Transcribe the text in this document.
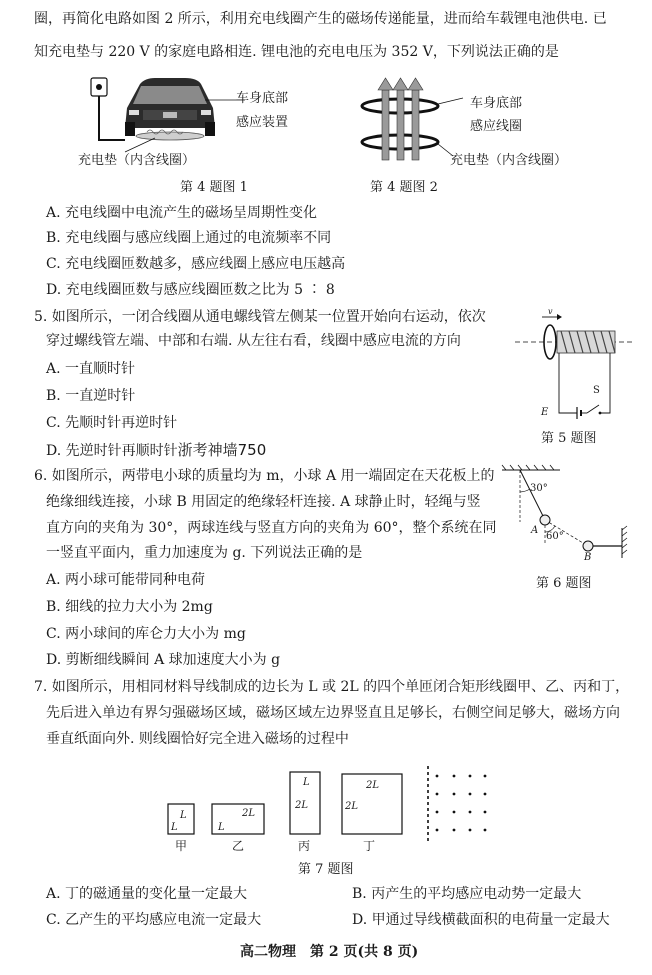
圈，再简化电路如图 2 所示，利用充电线圈产生的磁场传递能量，进而给车载锂电池供电. 已
知充电垫与 220 V 的家庭电路相连. 锂电池的充电电压为 352 V，下列说法正确的是
车身底部
感应装置
充电垫（内含线圈）
第 4 题图 1
车身底部
感应线圈
充电垫（内含线圈）
第 4 题图 2
A. 充电线圈中电流产生的磁场呈周期性变化
B. 充电线圈与感应线圈上通过的电流频率不同
C. 充电线圈匝数越多，感应线圈上感应电压越高
D. 充电线圈匝数与感应线圈匝数之比为 5 ∶ 8
5. 如图所示，一闭合线圈从通电螺线管左侧某一位置开始向右运动，依次
穿过螺线管左端、中部和右端. 从左往右看，线圈中感应电流的方向
A. 一直顺时针
B. 一直逆时针
C. 先顺时针再逆时针
D. 先逆时针再顺时针浙考神墙750
v
S
E
第 5 题图
6. 如图所示，两带电小球的质量均为 m，小球 A 用一端固定在天花板上的
绝缘细线连接，小球 B 用固定的绝缘轻杆连接. A 球静止时，轻绳与竖
直方向的夹角为 30°，两球连线与竖直方向的夹角为 60°，整个系统在同
一竖直平面内，重力加速度为 g. 下列说法正确的是
A. 两小球可能带同种电荷
B. 细线的拉力大小为 2mg
C. 两小球间的库仑力大小为 mg
D. 剪断细线瞬间 A 球加速度大小为 g
30°
60°
A
B
第 6 题图
7. 如图所示，用相同材料导线制成的边长为 L 或 2L 的四个单匝闭合矩形线圈甲、乙、丙和丁，
先后进入单边有界匀强磁场区域，磁场区域左边界竖直且足够长，右侧空间足够大，磁场方向
垂直纸面向外. 则线圈恰好完全进入磁场的过程中
L
L
甲
2L
L
乙
L
2L
丙
2L
2L
丁
第 7 题图
A. 丁的磁通量的变化量一定最大	B. 丙产生的平均感应电动势一定最大
C. 乙产生的平均感应电流一定最大	D. 甲通过导线横截面积的电荷量一定最大
高二物理　第 2 页(共 8 页)
